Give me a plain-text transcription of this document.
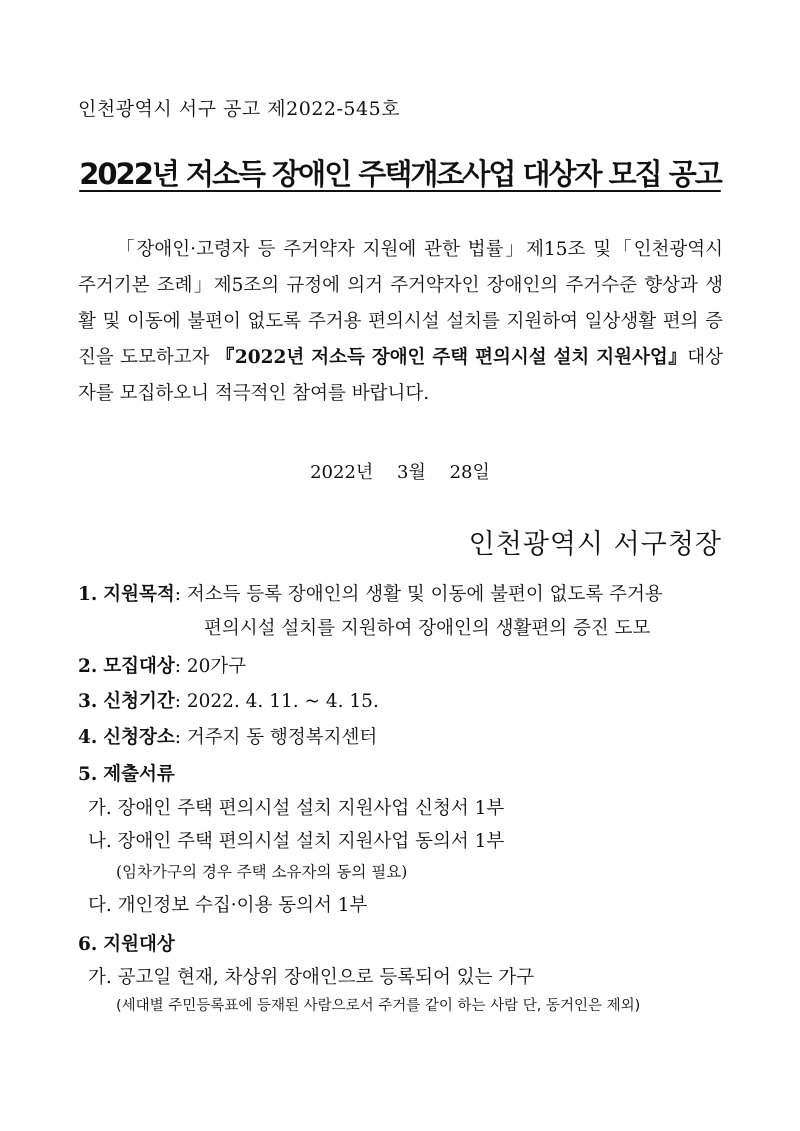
인천광역시 서구 공고 제2022-545호
2022년 저소득 장애인 주택개조사업 대상자 모집 공고

「장애인·고령자 등 주거약자 지원에 관한 법률」제15조 및「인천광역시 주거기본 조례」제5조의 규정에 의거 주거약자인 장애인의 주거수준 향상과 생활 및 이동에 불편이 없도록 주거용 편의시설 설치를 지원하여 일상생활 편의 증진을 도모하고자 『2022년 저소득 장애인 주택 편의시설 설치 지원사업』대상자를 모집하오니 적극적인 참여를 바랍니다.

2022년 3월 28일
인천광역시 서구청장
1. 지원목적: 저소득 등록 장애인의 생활 및 이동에 불편이 없도록 주거용
편의시설 설치를 지원하여 장애인의 생활편의 증진 도모
2. 모집대상: 20가구
3. 신청기간: 2022. 4. 11. ~ 4. 15.
4. 신청장소: 거주지 동 행정복지센터
5. 제출서류
가. 장애인 주택 편의시설 설치 지원사업 신청서 1부
나. 장애인 주택 편의시설 설치 지원사업 동의서 1부
(임차가구의 경우 주택 소유자의 동의 필요)
다. 개인정보 수집·이용 동의서 1부
6. 지원대상
가. 공고일 현재, 차상위 장애인으로 등록되어 있는 가구
(세대별 주민등록표에 등재된 사람으로서 주거를 같이 하는 사람 단, 동거인은 제외)
